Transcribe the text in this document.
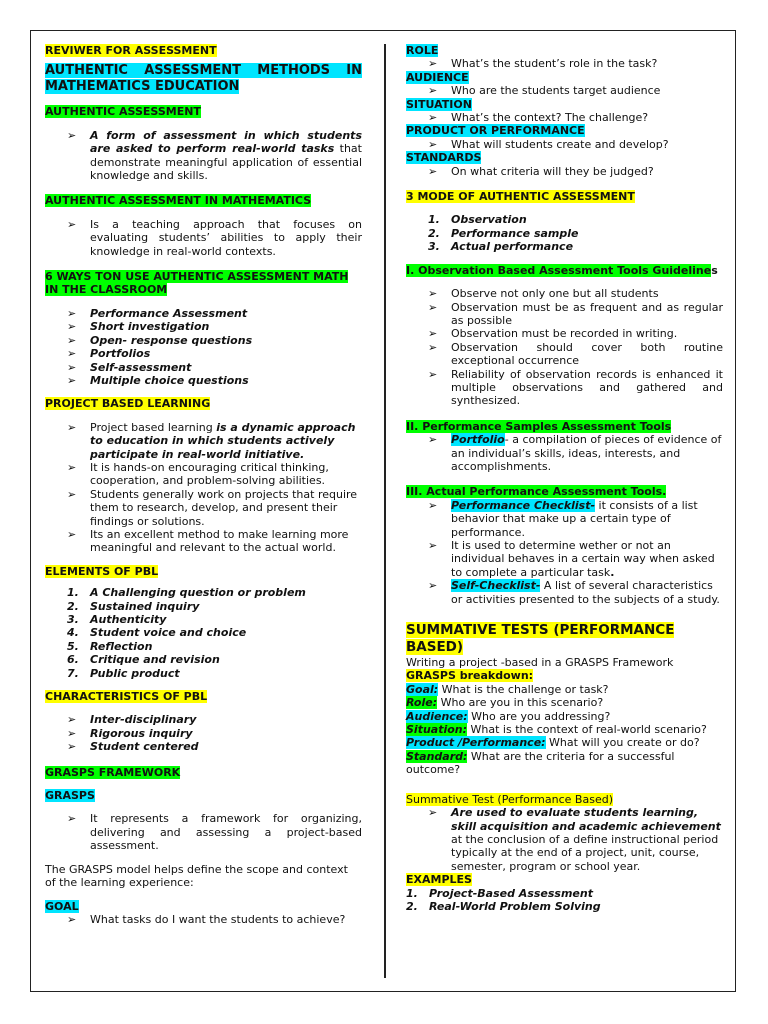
REVIWER FOR ASSESSMENT
AUTHENTIC ASSESSMENT METHODS IN MATHEMATICS EDUCATION
AUTHENTIC ASSESSMENT
➢	A form of assessment in which students are asked to perform real-world tasks that demonstrate meaningful application of essential knowledge and skills.
AUTHENTIC ASSESSMENT IN MATHEMATICS
➢	Is a teaching approach that focuses on evaluating students’ abilities to apply their knowledge in real-world contexts.
6 WAYS TON USE AUTHENTIC ASSESSMENT MATH IN THE CLASSROOM
➢	Performance Assessment
➢	Short investigation
➢	Open- response questions
➢	Portfolios
➢	Self-assessment
➢	Multiple choice questions
PROJECT BASED LEARNING
➢	Project based learning is a dynamic approach to education in which students actively participate in real-world initiative.
➢	It is hands-on encouraging critical thinking, cooperation, and problem-solving abilities.
➢	Students generally work on projects that require them to research, develop, and present their findings or solutions.
➢	Its an excellent method to make learning more meaningful and relevant to the actual world.
ELEMENTS OF PBL
1. A Challenging question or problem
2. Sustained inquiry
3. Authenticity
4. Student voice and choice
5. Reflection
6. Critique and revision
7. Public product
CHARACTERISTICS OF PBL
➢	Inter-disciplinary
➢	Rigorous inquiry
➢	Student centered
GRASPS FRAMEWORK
GRASPS
➢	It represents a framework for organizing, delivering and assessing a project-based assessment.
The GRASPS model helps define the scope and context of the learning experience:
GOAL
➢	What tasks do I want the students to achieve?
ROLE
➢	What’s the student’s role in the task?
AUDIENCE
➢	Who are the students target audience
SITUATION
➢	What’s the context? The challenge?
PRODUCT OR PERFORMANCE
➢	What will students create and develop?
STANDARDS
➢	On what criteria will they be judged?
3 MODE OF AUTHENTIC ASSESSMENT
1. Observation
2. Performance sample
3. Actual performance
I. Observation Based Assessment Tools Guidelines
➢	Observe not only one but all students
➢	Observation must be as frequent and as regular as possible
➢	Observation must be recorded in writing.
➢	Observation should cover both routine exceptional occurrence
➢	Reliability of observation records is enhanced it multiple observations and gathered and synthesized.
II. Performance Samples Assessment Tools
➢	Portfolio- a compilation of pieces of evidence of an individual’s skills, ideas, interests, and accomplishments.
III. Actual Performance Assessment Tools.
➢	Performance Checklist- it consists of a list behavior that make up a certain type of performance.
➢	It is used to determine wether or not an individual behaves in a certain way when asked to complete a particular task.
➢	Self-Checklist- A list of several characteristics or activities presented to the subjects of a study.
SUMMATIVE TESTS (PERFORMANCE BASED)
Writing a project -based in a GRASPS Framework
GRASPS breakdown:
Goal: What is the challenge or task?
Role: Who are you in this scenario?
Audience: Who are you addressing?
Situation: What is the context of real-world scenario?
Product /Performance: What will you create or do?
Standard: What are the criteria for a successful outcome?
Summative Test (Performance Based)
➢	Are used to evaluate students learning, skill acquisition and academic achievement at the conclusion of a define instructional period typically at the end of a project, unit, course, semester, program or school year.
EXAMPLES
1. Project-Based Assessment
2. Real-World Problem Solving
